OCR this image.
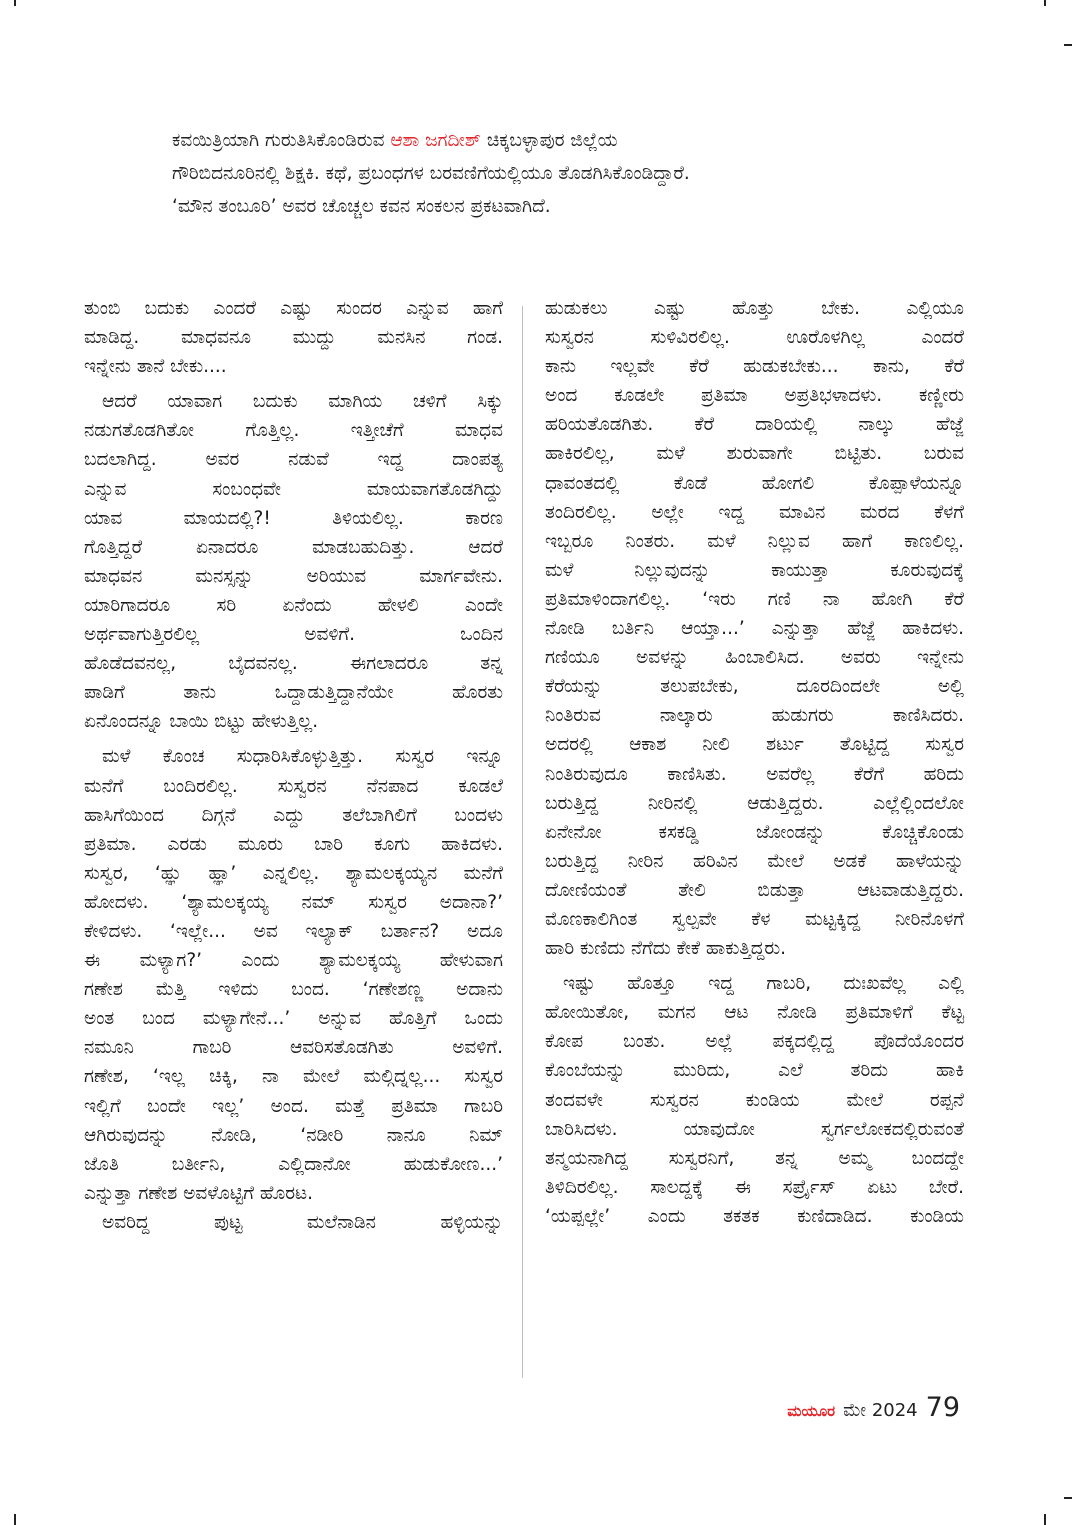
ಕವಯಿತ್ರಿಯಾಗಿ ಗುರುತಿಸಿಕೊಂಡಿರುವ ಆಶಾ ಜಗದೀಶ್ ಚಿಕ್ಕಬಳ್ಳಾಪುರ ಜಿಲ್ಲೆಯ

ಗೌರಿಬಿದನೂರಿನಲ್ಲಿ ಶಿಕ್ಷಕಿ. ಕಥೆ, ಪ್ರಬಂಧಗಳ ಬರವಣಿಗೆಯಲ್ಲಿಯೂ ತೊಡಗಿಸಿಕೊಂಡಿದ್ದಾರೆ.

‘ಮೌನ ತಂಬೂರಿ’ ಅವರ ಚೊಚ್ಚಲ ಕವನ ಸಂಕಲನ ಪ್ರಕಟವಾಗಿದೆ.

ತುಂಬಿ ಬದುಕು ಎಂದರೆ ಎಷ್ಟು ಸುಂದರ ಎನ್ನುವ ಹಾಗೆ

ಮಾಡಿದ್ದ. ಮಾಧವನೂ ಮುದ್ದು ಮನಸಿನ ಗಂಡ.

ಇನ್ನೇನು ತಾನೆ ಬೇಕು....

ಆದರೆ ಯಾವಾಗ ಬದುಕು ಮಾಗಿಯ ಚಳಿಗೆ ಸಿಕ್ಕು

ನಡುಗತೊಡಗಿತೋ ಗೊತ್ತಿಲ್ಲ. ಇತ್ತೀಚೆಗೆ ಮಾಧವ

ಬದಲಾಗಿದ್ದ. ಅವರ ನಡುವೆ ಇದ್ದ ದಾಂಪತ್ಯ

ಎನ್ನುವ ಸಂಬಂಧವೇ ಮಾಯವಾಗತೊಡಗಿದ್ದು

ಯಾವ ಮಾಯದಲ್ಲಿ?! ತಿಳಿಯಲಿಲ್ಲ. ಕಾರಣ

ಗೊತ್ತಿದ್ದರೆ ಏನಾದರೂ ಮಾಡಬಹುದಿತ್ತು. ಆದರೆ

ಮಾಧವನ ಮನಸ್ಸನ್ನು ಅರಿಯುವ ಮಾರ್ಗವೇನು.

ಯಾರಿಗಾದರೂ ಸರಿ ಏನೆಂದು ಹೇಳಲಿ ಎಂದೇ

ಅರ್ಥವಾಗುತ್ತಿರಲಿಲ್ಲ ಅವಳಿಗೆ. ಒಂದಿನ

ಹೊಡೆದವನಲ್ಲ, ಬೈದವನಲ್ಲ. ಈಗಲಾದರೂ ತನ್ನ

ಪಾಡಿಗೆ ತಾನು ಒದ್ದಾಡುತ್ತಿದ್ದಾನೆಯೇ ಹೊರತು

ಏನೊಂದನ್ನೂ ಬಾಯಿ ಬಿಟ್ಟು ಹೇಳುತ್ತಿಲ್ಲ.

ಮಳೆ ಕೊಂಚ ಸುಧಾರಿಸಿಕೊಳ್ಳುತ್ತಿತ್ತು. ಸುಸ್ವರ ಇನ್ನೂ

ಮನೆಗೆ ಬಂದಿರಲಿಲ್ಲ. ಸುಸ್ವರನ ನೆನಪಾದ ಕೂಡಲೆ

ಹಾಸಿಗೆಯಿಂದ ದಿಗ್ಗನೆ ಎದ್ದು ತಲೆಬಾಗಿಲಿಗೆ ಬಂದಳು

ಪ್ರತಿಮಾ. ಎರಡು ಮೂರು ಬಾರಿ ಕೂಗು ಹಾಕಿದಳು.

ಸುಸ್ವರ, ‘ಹ್ಞು ಹ್ಞಾ’ ಎನ್ನಲಿಲ್ಲ. ಶ್ಯಾಮಲಕ್ಕಯ್ಯನ ಮನೆಗೆ

ಹೋದಳು. ‘ಶ್ಯಾಮಲಕ್ಕಯ್ಯ ನಮ್ ಸುಸ್ವರ ಅದಾನಾ?’

ಕೇಳಿದಳು. ‘ಇಲ್ಲೇ... ಅವ ಇಲ್ಯಾಕ್ ಬರ್ತಾನ? ಅದೂ

ಈ ಮಳ್ಯಾಗ?’ ಎಂದು ಶ್ಯಾಮಲಕ್ಕಯ್ಯ ಹೇಳುವಾಗ

ಗಣೇಶ ಮೆತ್ತಿ ಇಳಿದು ಬಂದ. ‘ಗಣೇಶಣ್ಣ ಅದಾನು

ಅಂತ ಬಂದ ಮಳ್ಯಾಗೇನೆ...’ ಅನ್ನುವ ಹೊತ್ತಿಗೆ ಒಂದು

ನಮೂನಿ ಗಾಬರಿ ಆವರಿಸತೊಡಗಿತು ಅವಳಿಗೆ.

ಗಣೇಶ, ‘ಇಲ್ಲ ಚಿಕ್ಕಿ, ನಾ ಮೇಲೆ ಮಲ್ಗಿದ್ನಲ್ಲ... ಸುಸ್ವರ

ಇಲ್ಲಿಗೆ ಬಂದೇ ಇಲ್ಲ’ ಅಂದ. ಮತ್ತೆ ಪ್ರತಿಮಾ ಗಾಬರಿ

ಆಗಿರುವುದನ್ನು ನೋಡಿ, ‘ನಡೀರಿ ನಾನೂ ನಿಮ್

ಜೊತಿ ಬರ್ತೀನಿ, ಎಲ್ಲಿದಾನೋ ಹುಡುಕೋಣ...’

ಎನ್ನುತ್ತಾ ಗಣೇಶ ಅವಳೊಟ್ಟಿಗೆ ಹೊರಟ.

ಅವರಿದ್ದ ಪುಟ್ಟ ಮಲೆನಾಡಿನ ಹಳ್ಳಿಯನ್ನು

ಹುಡುಕಲು ಎಷ್ಟು ಹೊತ್ತು ಬೇಕು. ಎಲ್ಲಿಯೂ

ಸುಸ್ವರನ ಸುಳಿವಿರಲಿಲ್ಲ. ಊರೊಳಗಿಲ್ಲ ಎಂದರೆ

ಕಾನು ಇಲ್ಲವೇ ಕೆರೆ ಹುಡುಕಬೇಕು... ಕಾನು, ಕೆರೆ

ಅಂದ ಕೂಡಲೇ ಪ್ರತಿಮಾ ಅಪ್ರತಿಭಳಾದಳು. ಕಣ್ಣೀರು

ಹರಿಯತೊಡಗಿತು. ಕೆರೆ ದಾರಿಯಲ್ಲಿ ನಾಲ್ಕು ಹೆಜ್ಜೆ

ಹಾಕಿರಲಿಲ್ಲ, ಮಳೆ ಶುರುವಾಗೇ ಬಿಟ್ಟಿತು. ಬರುವ

ಧಾವಂತದಲ್ಲಿ ಕೊಡೆ ಹೋಗಲಿ ಕೊಪ್ಪಾಳೆಯನ್ನೂ

ತಂದಿರಲಿಲ್ಲ. ಅಲ್ಲೇ ಇದ್ದ ಮಾವಿನ ಮರದ ಕೆಳಗೆ

ಇಬ್ಬರೂ ನಿಂತರು. ಮಳೆ ನಿಲ್ಲುವ ಹಾಗೆ ಕಾಣಲಿಲ್ಲ.

ಮಳೆ ನಿಲ್ಲುವುದನ್ನು ಕಾಯುತ್ತಾ ಕೂರುವುದಕ್ಕೆ

ಪ್ರತಿಮಾಳಿಂದಾಗಲಿಲ್ಲ. ‘ಇರು ಗಣಿ ನಾ ಹೋಗಿ ಕೆರೆ

ನೋಡಿ ಬರ್ತಿನಿ ಆಯ್ತಾ...’ ಎನ್ನುತ್ತಾ ಹೆಜ್ಜೆ ಹಾಕಿದಳು.

ಗಣಿಯೂ ಅವಳನ್ನು ಹಿಂಬಾಲಿಸಿದ. ಅವರು ಇನ್ನೇನು

ಕೆರೆಯನ್ನು ತಲುಪಬೇಕು, ದೂರದಿಂದಲೇ ಅಲ್ಲಿ

ನಿಂತಿರುವ ನಾಲ್ಕಾರು ಹುಡುಗರು ಕಾಣಿಸಿದರು.

ಅದರಲ್ಲಿ ಆಕಾಶ ನೀಲಿ ಶರ್ಟು ತೊಟ್ಟಿದ್ದ ಸುಸ್ವರ

ನಿಂತಿರುವುದೂ ಕಾಣಿಸಿತು. ಅವರೆಲ್ಲ ಕೆರೆಗೆ ಹರಿದು

ಬರುತ್ತಿದ್ದ ನೀರಿನಲ್ಲಿ ಆಡುತ್ತಿದ್ದರು. ಎಲ್ಲೆಲ್ಲಿಂದಲೋ

ಏನೇನೋ ಕಸಕಡ್ಡಿ ಜೋಂಡನ್ನು ಕೊಚ್ಚಿಕೊಂಡು

ಬರುತ್ತಿದ್ದ ನೀರಿನ ಹರಿವಿನ ಮೇಲೆ ಅಡಕೆ ಹಾಳೆಯನ್ನು

ದೋಣಿಯಂತೆ ತೇಲಿ ಬಿಡುತ್ತಾ ಆಟವಾಡುತ್ತಿದ್ದರು.

ಮೊಣಕಾಲಿಗಿಂತ ಸ್ವಲ್ಪವೇ ಕೆಳ ಮಟ್ಟಕ್ಕಿದ್ದ ನೀರಿನೊಳಗೆ

ಹಾರಿ ಕುಣಿದು ನೆಗೆದು ಕೇಕೆ ಹಾಕುತ್ತಿದ್ದರು.

ಇಷ್ಟು ಹೊತ್ತೂ ಇದ್ದ ಗಾಬರಿ, ದುಃಖವೆಲ್ಲ ಎಲ್ಲಿ

ಹೋಯಿತೋ, ಮಗನ ಆಟ ನೋಡಿ ಪ್ರತಿಮಾಳಿಗೆ ಕೆಟ್ಟ

ಕೋಪ ಬಂತು. ಅಲ್ಲೆ ಪಕ್ಕದಲ್ಲಿದ್ದ ಪೊದೆಯೊಂದರ

ಕೊಂಬೆಯನ್ನು ಮುರಿದು, ಎಲೆ ತರಿದು ಹಾಕಿ

ತಂದವಳೇ ಸುಸ್ವರನ ಕುಂಡಿಯ ಮೇಲೆ ರಪ್ಪನೆ

ಬಾರಿಸಿದಳು. ಯಾವುದೋ ಸ್ವರ್ಗಲೋಕದಲ್ಲಿರುವಂತೆ

ತನ್ಮಯನಾಗಿದ್ದ ಸುಸ್ವರನಿಗೆ, ತನ್ನ ಅಮ್ಮ ಬಂದದ್ದೇ

ತಿಳಿದಿರಲಿಲ್ಲ. ಸಾಲದ್ದಕ್ಕೆ ಈ ಸರ್ಪ್ರೈಸ್ ಏಟು ಬೇರೆ.

‘ಯಪ್ಪಲ್ಲೇ’ ಎಂದು ತಕತಕ ಕುಣಿದಾಡಿದ. ಕುಂಡಿಯ

ಮಯೂರ ಮೇ 2024 79
